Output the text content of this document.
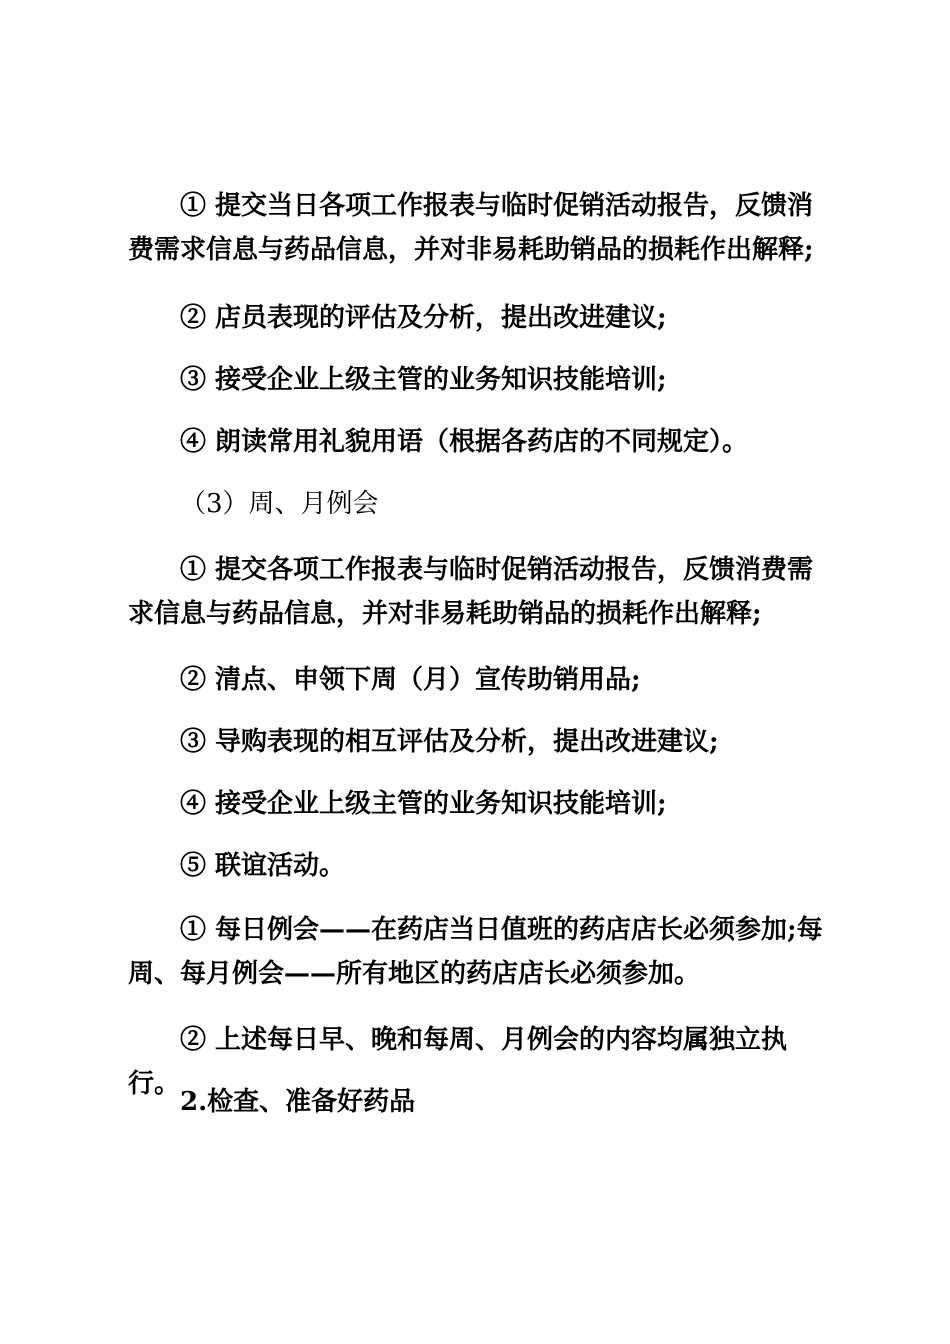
① 提交当日各项工作报表与临时促销活动报告，反馈消费需求信息与药品信息，并对非易耗助销品的损耗作出解释;

② 店员表现的评估及分析，提出改进建议;

③ 接受企业上级主管的业务知识技能培训;

④ 朗读常用礼貌用语（根据各药店的不同规定）。

（3）周、月例会

① 提交各项工作报表与临时促销活动报告，反馈消费需求信息与药品信息，并对非易耗助销品的损耗作出解释;

② 清点、申领下周（月）宣传助销用品;

③ 导购表现的相互评估及分析，提出改进建议;

④ 接受企业上级主管的业务知识技能培训;

⑤ 联谊活动。

① 每日例会——在药店当日值班的药店店长必须参加;每周、每月例会——所有地区的药店店长必须参加。

② 上述每日早、晚和每周、月例会的内容均属独立执行。

2.检查、准备好药品
